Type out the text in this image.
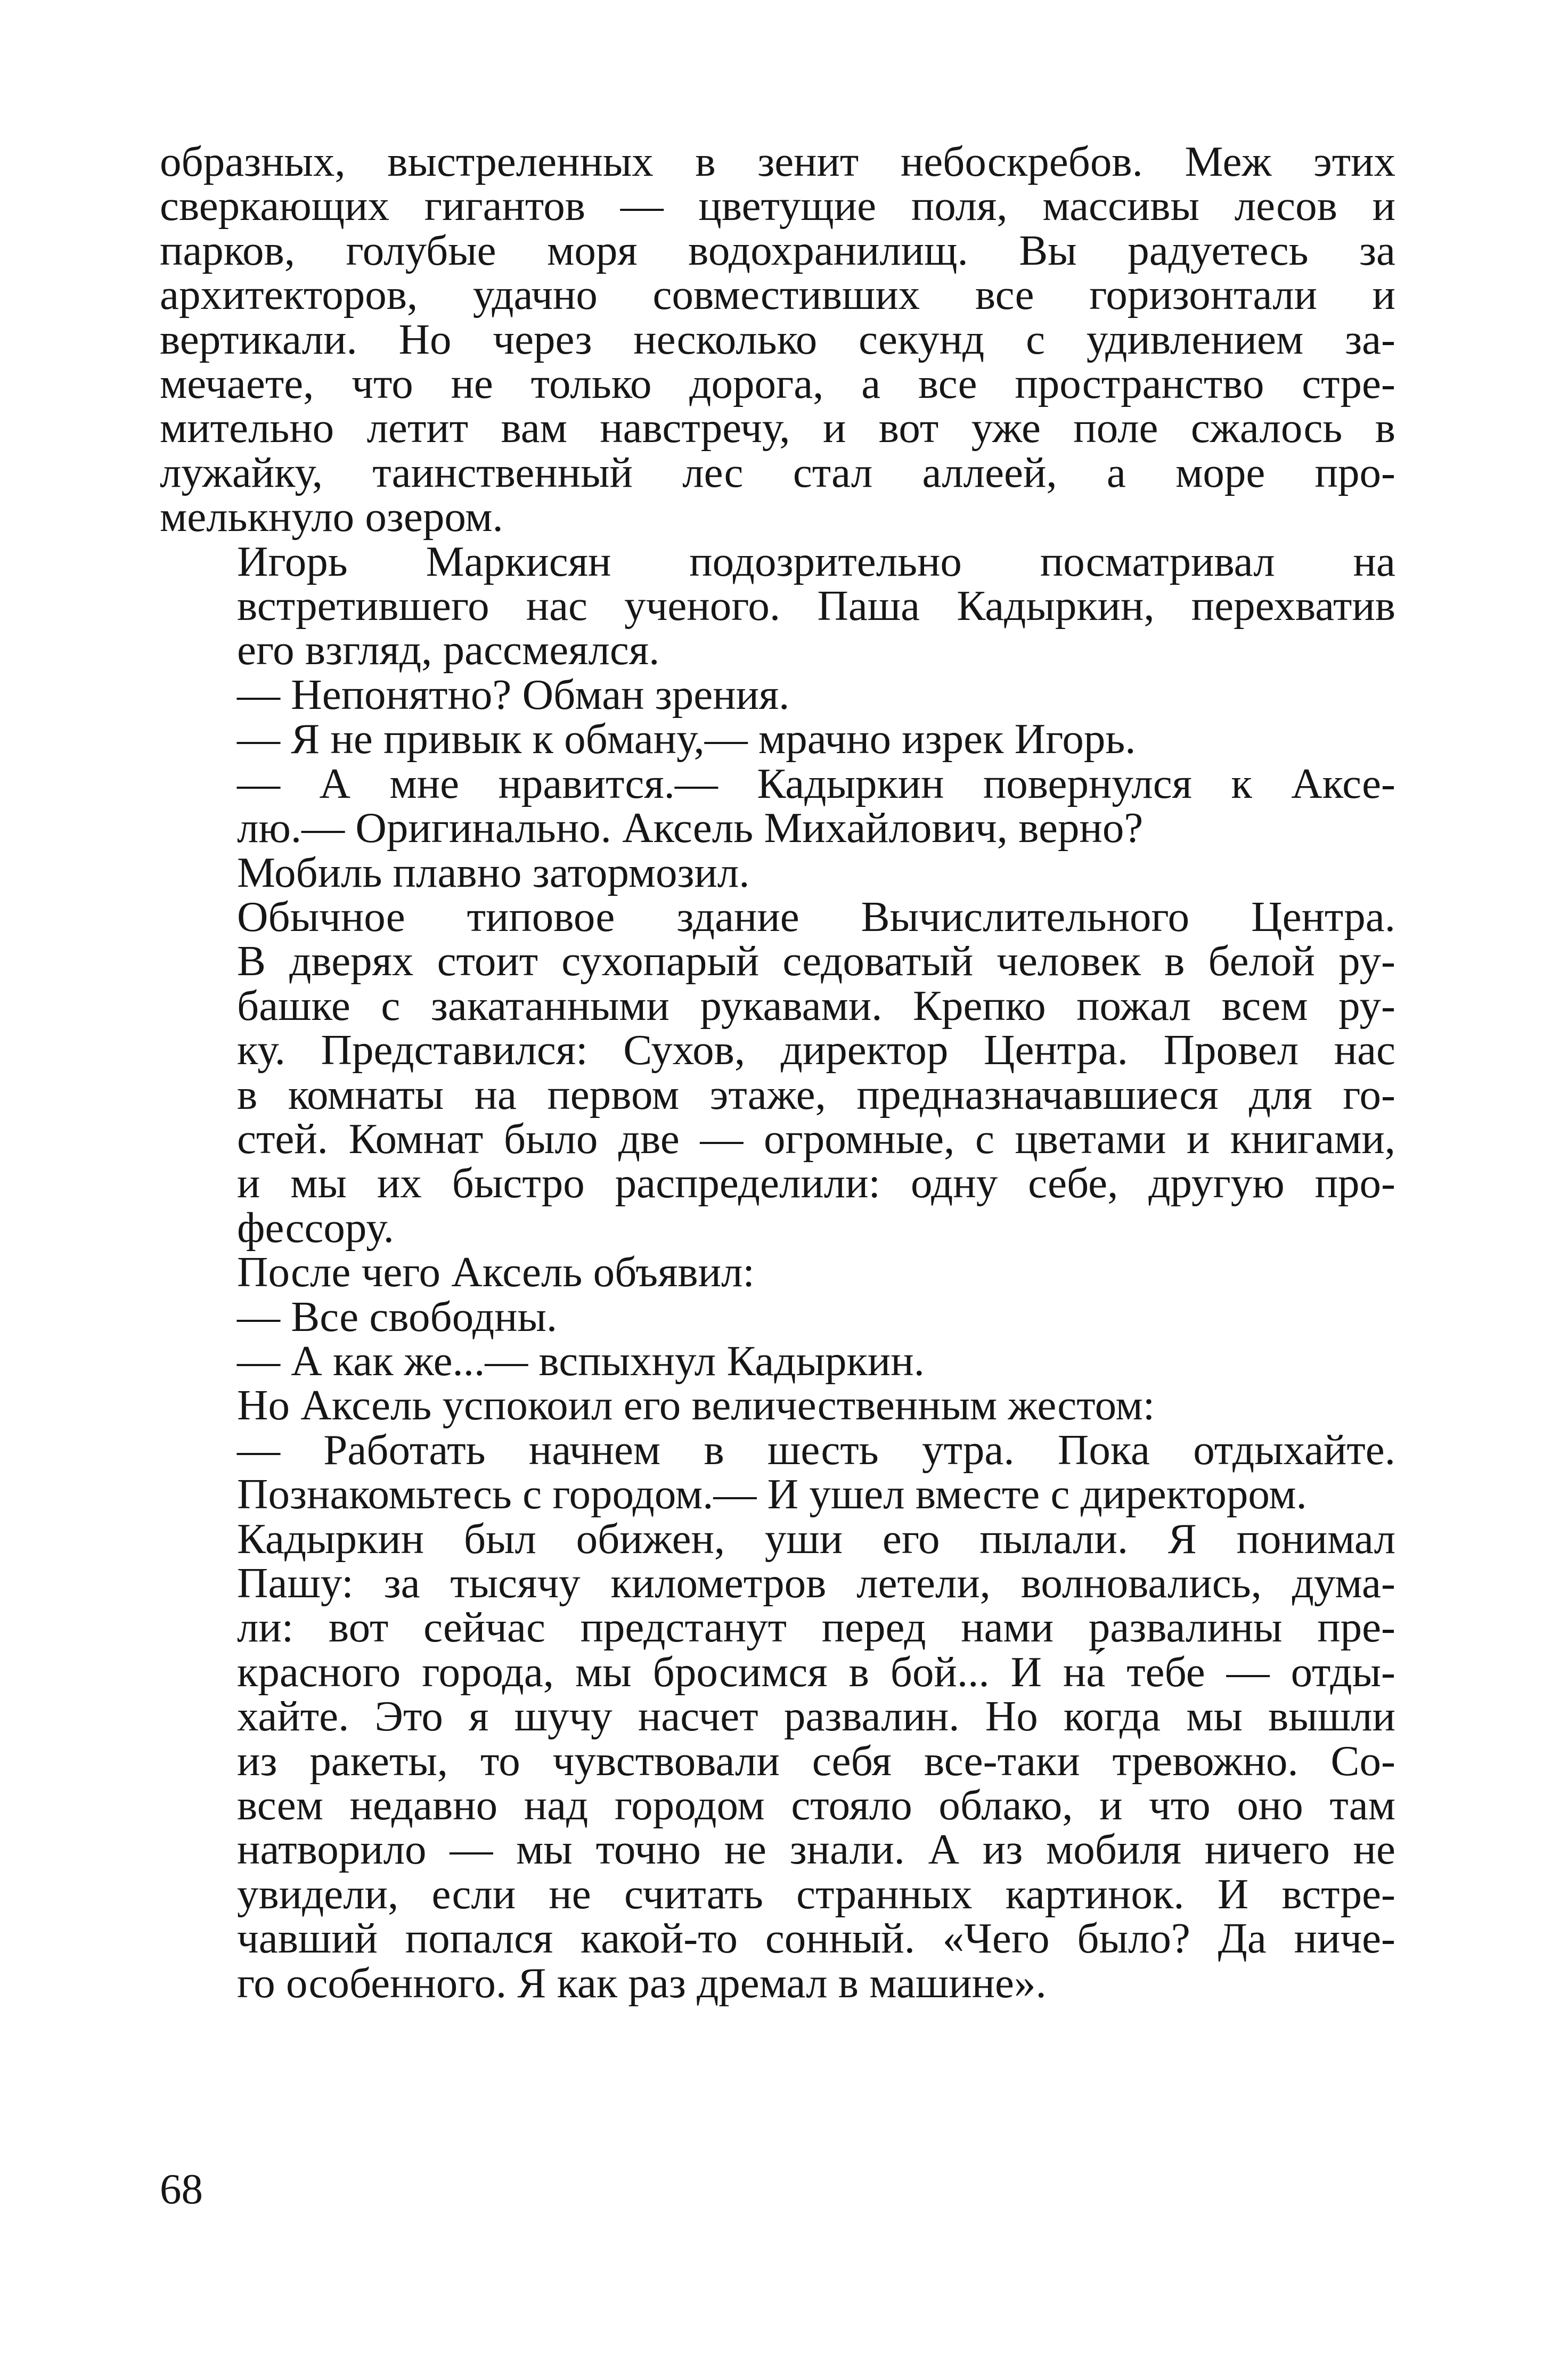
образных, выстреленных в зенит небоскребов. Меж этих
сверкающих гигантов — цветущие поля, массивы лесов и
парков, голубые моря водохранилищ. Вы радуетесь за
архитекторов, удачно совместивших все горизонтали и
вертикали. Но через несколько секунд с удивлением за-
мечаете, что не только дорога, а все пространство стре-
мительно летит вам навстречу, и вот уже поле сжалось в
лужайку, таинственный лес стал аллеей, а море про-
мелькнуло озером.

Игорь Маркисян подозрительно посматривал на
встретившего нас ученого. Паша Кадыркин, перехватив
его взгляд, рассмеялся.

— Непонятно? Обман зрения.

— Я не привык к обману,— мрачно изрек Игорь.

— А мне нравится.— Кадыркин повернулся к Аксе-
лю.— Оригинально. Аксель Михайлович, верно?

Мобиль плавно затормозил.

Обычное типовое здание Вычислительного Центра.
В дверях стоит сухопарый седоватый человек в белой ру-
башке с закатанными рукавами. Крепко пожал всем ру-
ку. Представился: Сухов, директор Центра. Провел нас
в комнаты на первом этаже, предназначавшиеся для го-
стей. Комнат было две — огромные, с цветами и книгами,
и мы их быстро распределили: одну себе, другую про-
фессору.

После чего Аксель объявил:

— Все свободны.

— А как же...— вспыхнул Кадыркин.

Но Аксель успокоил его величественным жестом:

— Работать начнем в шесть утра. Пока отдыхайте.
Познакомьтесь с городом.— И ушел вместе с директором.

Кадыркин был обижен, уши его пылали. Я понимал
Пашу: за тысячу километров летели, волновались, дума-
ли: вот сейчас предстанут перед нами развалины пре-
красного города, мы бросимся в бой... И на́ тебе — отды-
хайте. Это я шучу насчет развалин. Но когда мы вышли
из ракеты, то чувствовали себя все-таки тревожно. Со-
всем недавно над городом стояло облако, и что оно там
натворило — мы точно не знали. А из мобиля ничего не
увидели, если не считать странных картинок. И встре-
чавший попался какой-то сонный. «Чего было? Да ниче-
го особенного. Я как раз дремал в машине».

68
